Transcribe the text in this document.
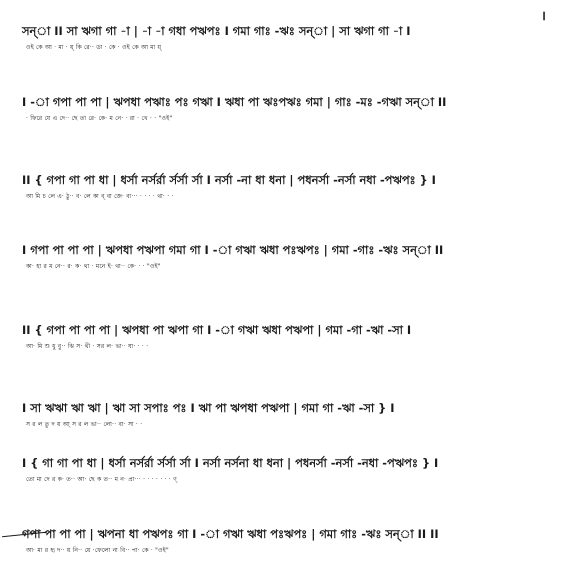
।
সন্া II সা ঋগা গা -া | -া -া গধা পঋপঃ I গমা গাঃ -ঋঃ সন্া | সা ঋগা গা -া I
ওই কে আ · মা · য়্ কি রে·· ডা · কে · ওই কে আ মা য়্
I -া গপা পা পা | ঋপধা পঋাঃ পঃ গঋা I ঋধা পা ঋঃপঋঃ গমা | গাঃ -মঃ -গঋা সন্া II
· ফিরে যে এ দে·· ছে তা রে· কে· ম নে· · রা · খে · · "ওই"
II { গপা গা পা ধা | ধর্সা নর্সর্রা র্সর্সা র্সা I নর্সা -না ধা ধনা | পধনর্সা -নর্সা নধা -পঋপঃ } I
আ মি চ লে এ· ঠু·· ব· লে কা ব্ বা জে· ব্য··· · · · · থা· · ·
I গপা পা পা পা | ঋপধা পঋপা গমা গা I -া গঋা ঋধা পঃঋপঃ | গমা -গাঃ -ঋঃ সন্া II
কা· হা র ম নে·· র· ক· থা · মনে ই· থা·· কে· · · "ওই"
II { গপা পা পা পা | ঋপধা পা ঋপা গা I -া গঋা ঋধা পঋপা | গমা -গা -ঋা -সা I
আ· মি শু ধু বু·· ঝি স· থী · সর ল· ভা·· ষা· · · ·
I সা ঋঋা ঋা ঋা | ঋা সা সপাঃ পঃ I ঋা পা ঋপধা পঋপা | গমা গা -ঋা -সা } I
স র ল তু দ য় আ্ স র ল ভা·· লো·· বা· সা · ·
I { গা গা পা ধা | ধর্সা নর্সর্রা র্সর্সা র্সা I নর্সা নর্সনা ধা ধনা | পধনর্সা -নর্সা -নধা -পঋপঃ } I
তো মা দে র ক· ত·· আ· ছে ক ত·· ম ন· প্রা··· · · · · · · · ণ্
গপা পা পা পা | ঋপনা ধা পঋপঃ গা I -া গঋা ঋধা পঃঋপঃ | গমা গাঃ -ঋঃ সন্া II II
আ· মা র হৃ দ·· য় নি·· য়ে ·ফেলো না বি·· পা· কে · "ওই"
